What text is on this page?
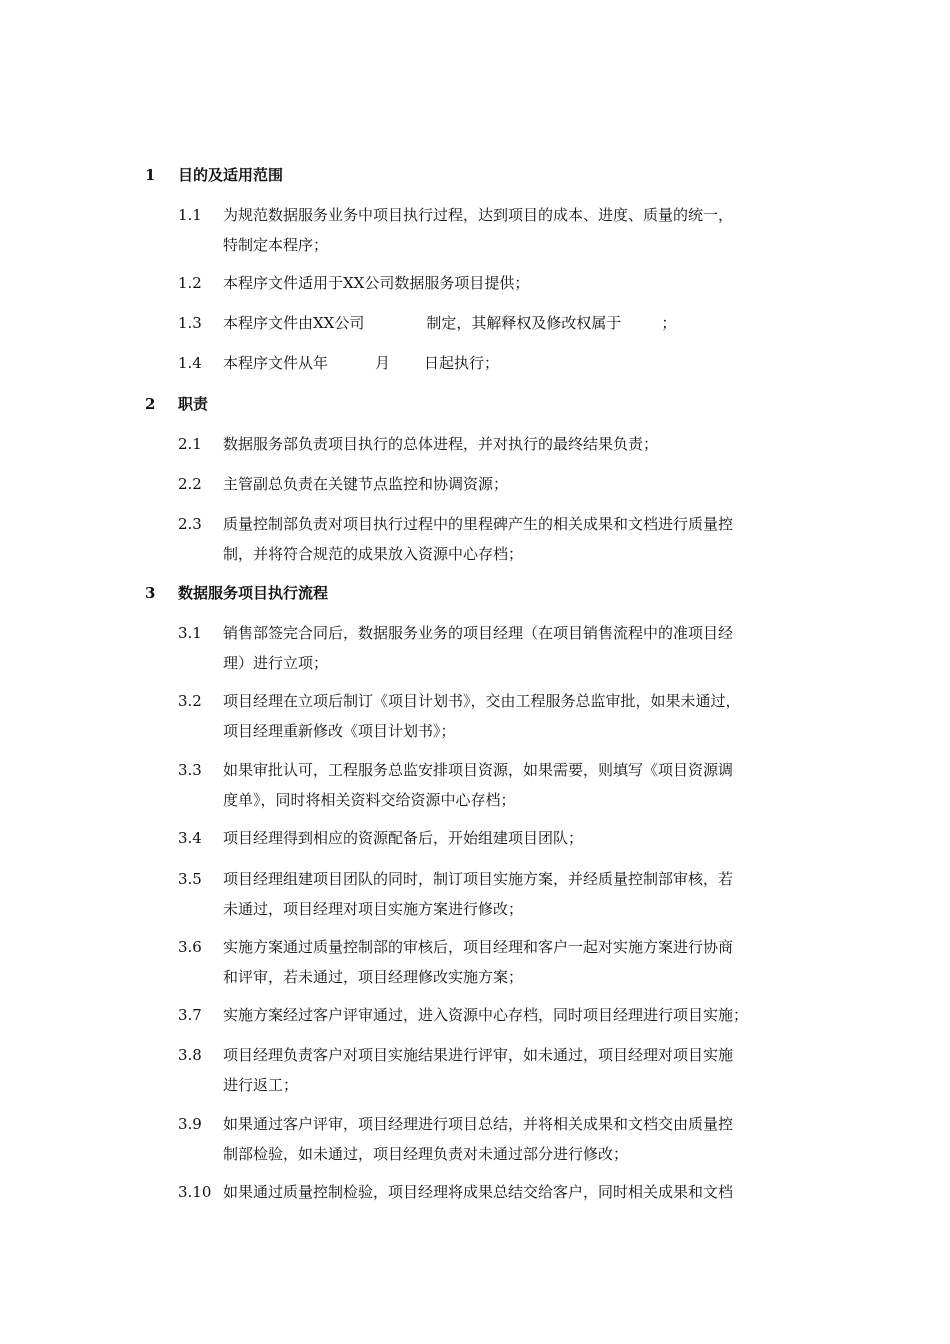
1 目的及适用范围
1.1	为规范数据服务业务中项目执行过程，达到项目的成本、进度、质量的统一，
特制定本程序；
1.2	本程序文件适用于XX公司数据服务项目提供；
1.3	本程序文件由XX公司	制定，其解释权及修改权属于	；
1.4	本程序文件从年	月 日起执行；
2 职责
2.1	数据服务部负责项目执行的总体进程，并对执行的最终结果负责；
2.2	主管副总负责在关键节点监控和协调资源；
2.3	质量控制部负责对项目执行过程中的里程碑产生的相关成果和文档进行质量控
制，并将符合规范的成果放入资源中心存档；
3 数据服务项目执行流程
3.1	销售部签完合同后，数据服务业务的项目经理（在项目销售流程中的准项目经
理）进行立项；
3.2	项目经理在立项后制订《项目计划书》，交由工程服务总监审批，如果未通过，
项目经理重新修改《项目计划书》；
3.3	如果审批认可，工程服务总监安排项目资源，如果需要，则填写《项目资源调
度单》，同时将相关资料交给资源中心存档；
3.4	项目经理得到相应的资源配备后，开始组建项目团队；
3.5	项目经理组建项目团队的同时，制订项目实施方案，并经质量控制部审核，若
未通过，项目经理对项目实施方案进行修改；
3.6	实施方案通过质量控制部的审核后，项目经理和客户一起对实施方案进行协商
和评审，若未通过，项目经理修改实施方案；
3.7	实施方案经过客户评审通过，进入资源中心存档，同时项目经理进行项目实施；
3.8	项目经理负责客户对项目实施结果进行评审，如未通过，项目经理对项目实施
进行返工；
3.9	如果通过客户评审，项目经理进行项目总结，并将相关成果和文档交由质量控
制部检验，如未通过，项目经理负责对未通过部分进行修改；
3.10 如果通过质量控制检验，项目经理将成果总结交给客户，同时相关成果和文档
